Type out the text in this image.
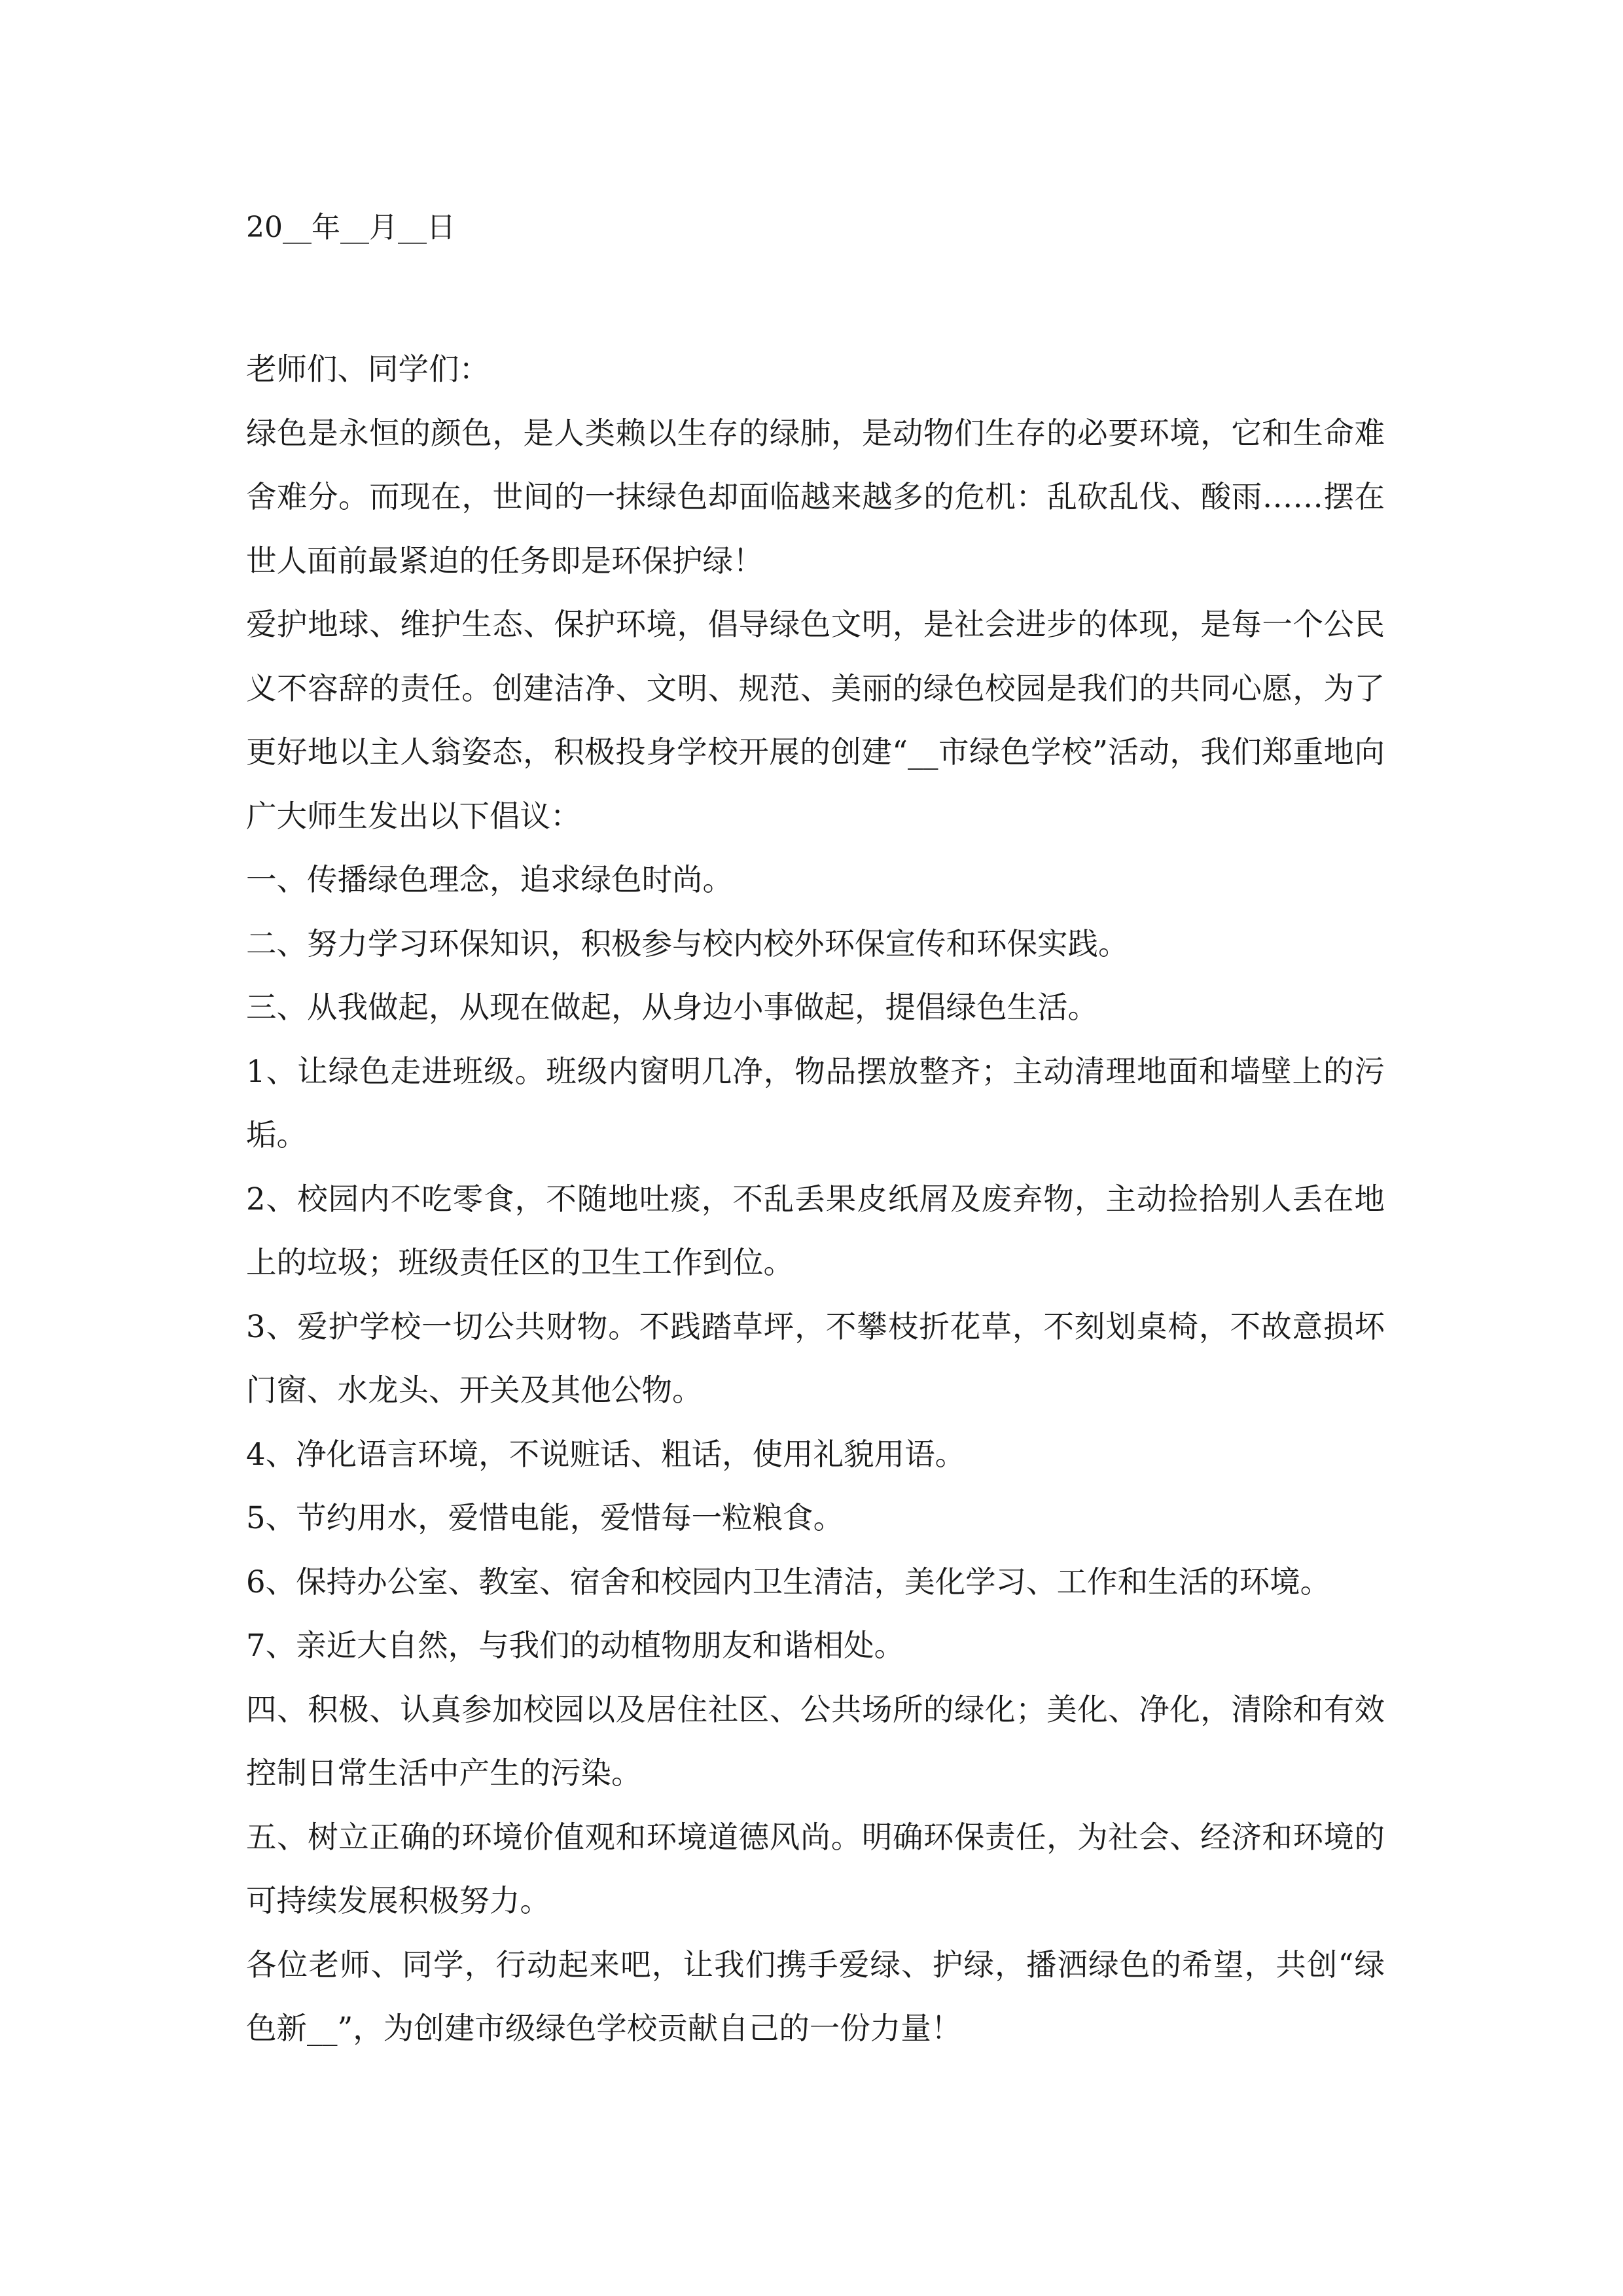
20__年__月__日

老师们、同学们：

绿色是永恒的颜色，是人类赖以生存的绿肺，是动物们生存的必要环境，它和生命难舍难分。而现在，世间的一抹绿色却面临越来越多的危机：乱砍乱伐、酸雨……摆在世人面前最紧迫的任务即是环保护绿！

爱护地球、维护生态、保护环境，倡导绿色文明，是社会进步的体现，是每一个公民义不容辞的责任。创建洁净、文明、规范、美丽的绿色校园是我们的共同心愿，为了更好地以主人翁姿态，积极投身学校开展的创建“__市绿色学校”活动，我们郑重地向广大师生发出以下倡议：

一、传播绿色理念，追求绿色时尚。

二、努力学习环保知识，积极参与校内校外环保宣传和环保实践。

三、从我做起，从现在做起，从身边小事做起，提倡绿色生活。

1、让绿色走进班级。班级内窗明几净，物品摆放整齐；主动清理地面和墙壁上的污垢。

2、校园内不吃零食，不随地吐痰，不乱丢果皮纸屑及废弃物，主动捡拾别人丢在地上的垃圾；班级责任区的卫生工作到位。

3、爱护学校一切公共财物。不践踏草坪，不攀枝折花草，不刻划桌椅，不故意损坏门窗、水龙头、开关及其他公物。

4、净化语言环境，不说赃话、粗话，使用礼貌用语。

5、节约用水，爱惜电能，爱惜每一粒粮食。

6、保持办公室、教室、宿舍和校园内卫生清洁，美化学习、工作和生活的环境。

7、亲近大自然，与我们的动植物朋友和谐相处。

四、积极、认真参加校园以及居住社区、公共场所的绿化；美化、净化，清除和有效控制日常生活中产生的污染。

五、树立正确的环境价值观和环境道德风尚。明确环保责任，为社会、经济和环境的可持续发展积极努力。

各位老师、同学，行动起来吧，让我们携手爱绿、护绿，播洒绿色的希望，共创“绿色新__”，为创建市级绿色学校贡献自己的一份力量！
